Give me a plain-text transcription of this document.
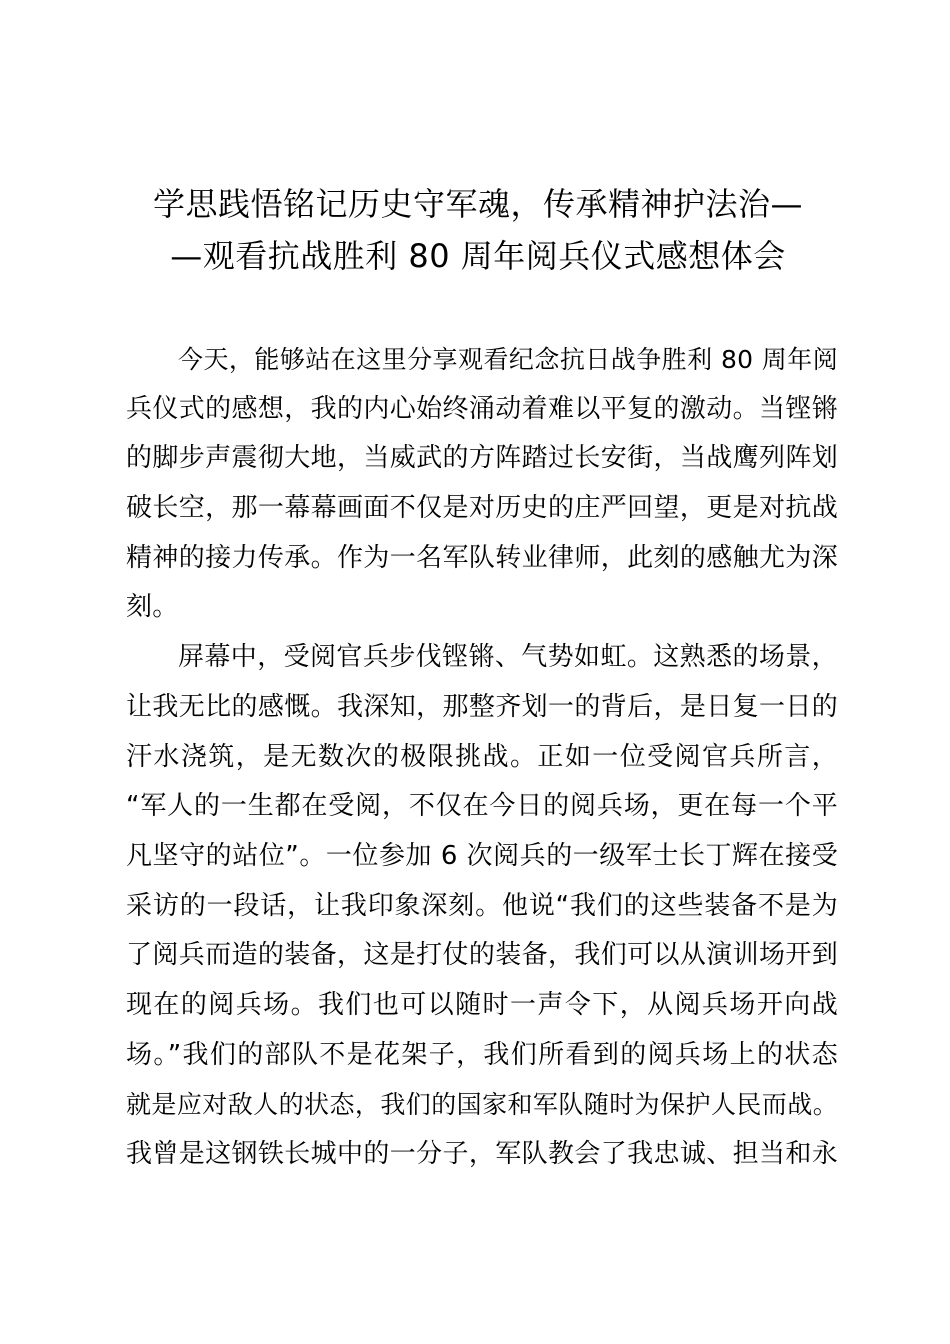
学思践悟铭记历史守军魂，传承精神护法治—
—观看抗战胜利 80 周年阅兵仪式感想体会
今天，能够站在这里分享观看纪念抗日战争胜利 80 周年阅
兵仪式的感想，我的内心始终涌动着难以平复的激动。当铿锵
的脚步声震彻大地，当威武的方阵踏过长安街，当战鹰列阵划
破长空，那一幕幕画面不仅是对历史的庄严回望，更是对抗战
精神的接力传承。作为一名军队转业律师，此刻的感触尤为深
刻。
屏幕中，受阅官兵步伐铿锵、气势如虹。这熟悉的场景，
让我无比的感慨。我深知，那整齐划一的背后，是日复一日的
汗水浇筑，是无数次的极限挑战。正如一位受阅官兵所言，
“军人的一生都在受阅，不仅在今日的阅兵场，更在每一个平
凡坚守的站位”。一位参加 6 次阅兵的一级军士长丁辉在接受
采访的一段话，让我印象深刻。他说“我们的这些装备不是为
了阅兵而造的装备，这是打仗的装备，我们可以从演训场开到
现在的阅兵场。我们也可以随时一声令下，从阅兵场开向战
场。”我们的部队不是花架子，我们所看到的阅兵场上的状态
就是应对敌人的状态，我们的国家和军队随时为保护人民而战。
我曾是这钢铁长城中的一分子，军队教会了我忠诚、担当和永
